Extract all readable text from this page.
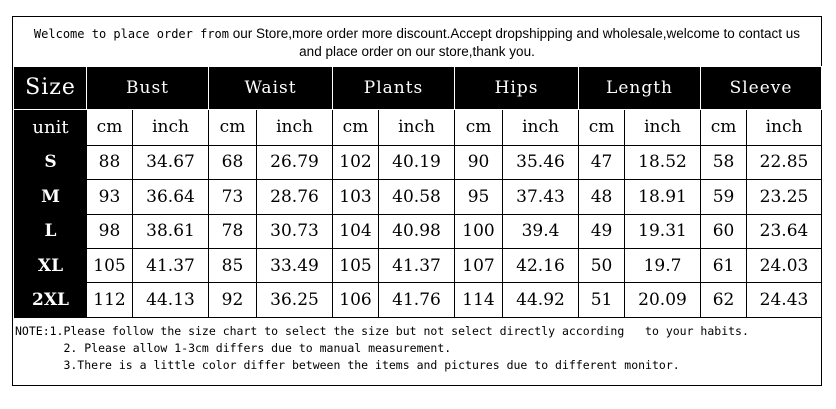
Welcome to place order from our Store,more order more discount.Accept dropshipping and wholesale,welcome to contact us
and place order on our store,thank you.
Size	Bust		Waist		Plants		Hips		Length		Sleeve	
unit	cm	inch	cm	inch	cm	inch	cm	inch	cm	inch	cm	inch
S	88	34.67	68	26.79	102	40.19	90	35.46	47	18.52	58	22.85
M	93	36.64	73	28.76	103	40.58	95	37.43	48	18.91	59	23.25
L	98	38.61	78	30.73	104	40.98	100	39.4	49	19.31	60	23.64
XL	105	41.37	85	33.49	105	41.37	107	42.16	50	19.7	61	24.03
2XL	112	44.13	92	36.25	106	41.76	114	44.92	51	20.09	62	24.43
NOTE:1.Please follow the size chart to select the size but not select directly according   to your habits.
2. Please allow 1-3cm differs due to manual measurement.
3.There is a little color differ between the items and pictures due to different monitor.
